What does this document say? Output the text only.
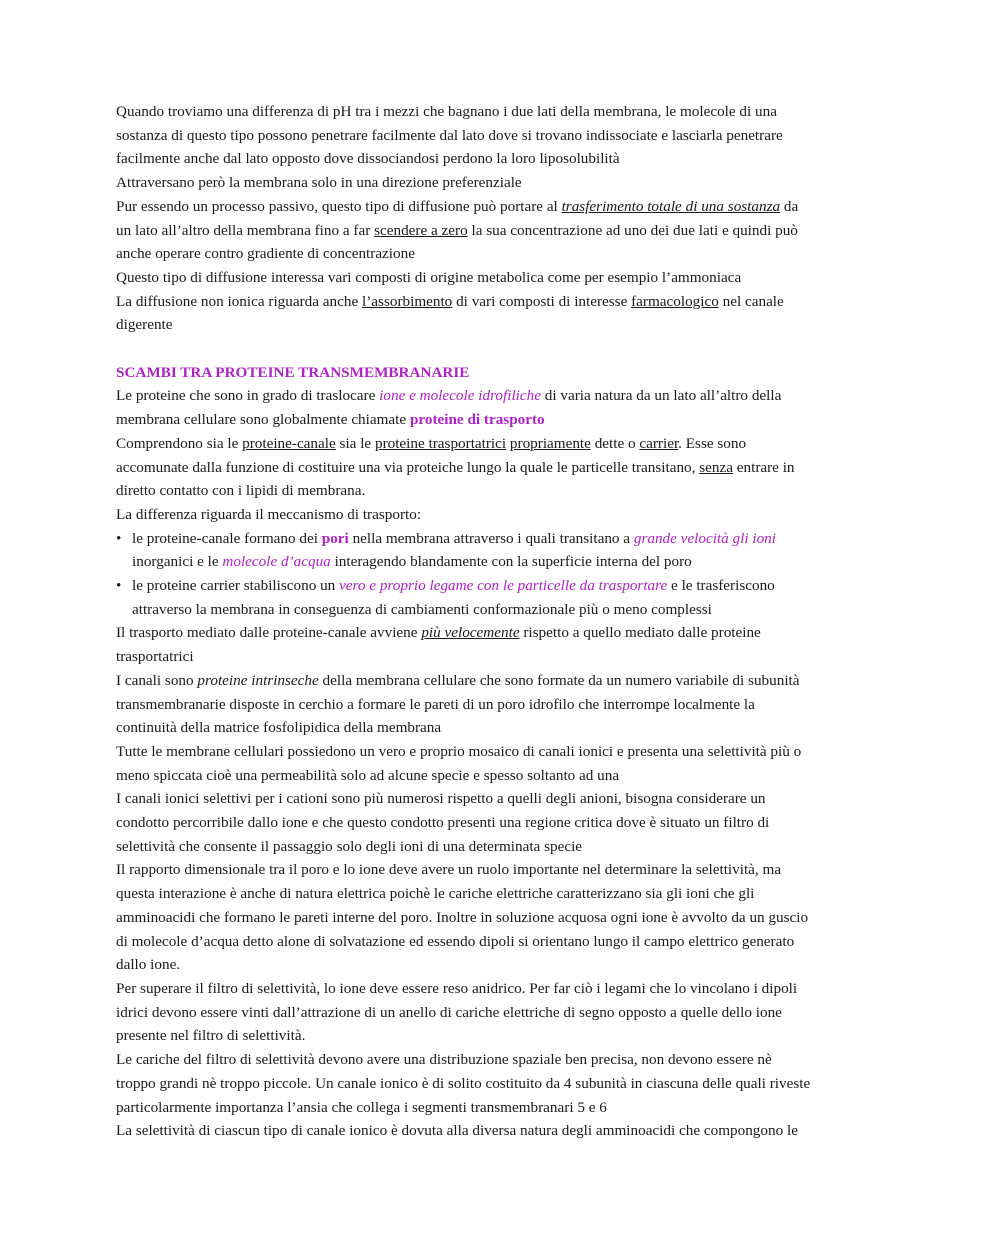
Quando troviamo una differenza di pH tra i mezzi che bagnano i due lati della membrana, le molecole di una

sostanza di questo tipo possono penetrare facilmente dal lato dove si trovano indissociate e lasciarla penetrare

facilmente anche dal lato opposto dove dissociandosi perdono la loro liposolubilità

Attraversano però la membrana solo in una direzione preferenziale

Pur essendo un processo passivo, questo tipo di diffusione può portare al trasferimento totale di una sostanza da

un lato all’altro della membrana fino a far scendere a zero la sua concentrazione ad uno dei due lati e quindi può

anche operare contro gradiente di concentrazione

Questo tipo di diffusione interessa vari composti di origine metabolica come per esempio l’ammoniaca

La diffusione non ionica riguarda anche l’assorbimento di vari composti di interesse farmacologico nel canale

digerente

SCAMBI TRA PROTEINE TRANSMEMBRANARIE

Le proteine che sono in grado di traslocare ione e molecole idrofiliche di varia natura da un lato all’altro della

membrana cellulare sono globalmente chiamate proteine di trasporto

Comprendono sia le proteine-canale sia le proteine trasportatrici propriamente dette o carrier. Esse sono

accomunate dalla funzione di costituire una via proteiche lungo la quale le particelle transitano, senza entrare in

diretto contatto con i lipidi di membrana.

La differenza riguarda il meccanismo di trasporto:

• le proteine-canale formano dei pori nella membrana attraverso i quali transitano a grande velocità gli ioni

inorganici e le molecole d’acqua interagendo blandamente con la superficie interna del poro

• le proteine carrier stabiliscono un vero e proprio legame con le particelle da trasportare e le trasferiscono

attraverso la membrana in conseguenza di cambiamenti conformazionale più o meno complessi

Il trasporto mediato dalle proteine-canale avviene più velocemente rispetto a quello mediato dalle proteine

trasportatrici

I canali sono proteine intrinseche della membrana cellulare che sono formate da un numero variabile di subunità

transmembranarie disposte in cerchio a formare le pareti di un poro idrofilo che interrompe localmente la

continuità della matrice fosfolipidica della membrana

Tutte le membrane cellulari possiedono un vero e proprio mosaico di canali ionici e presenta una selettività più o

meno spiccata cioè una permeabilità solo ad alcune specie e spesso soltanto ad una

I canali ionici selettivi per i cationi sono più numerosi rispetto a quelli degli anioni, bisogna considerare un

condotto percorribile dallo ione e che questo condotto presenti una regione critica dove è situato un filtro di

selettività che consente il passaggio solo degli ioni di una determinata specie

Il rapporto dimensionale tra il poro e lo ione deve avere un ruolo importante nel determinare la selettività, ma

questa interazione è anche di natura elettrica poichè le cariche elettriche caratterizzano sia gli ioni che gli

amminoacidi che formano le pareti interne del poro. Inoltre in soluzione acquosa ogni ione è avvolto da un guscio

di molecole d’acqua detto alone di solvatazione ed essendo dipoli si orientano lungo il campo elettrico generato

dallo ione.

Per superare il filtro di selettività, lo ione deve essere reso anidrico. Per far ciò i legami che lo vincolano i dipoli

idrici devono essere vinti dall’attrazione di un anello di cariche elettriche di segno opposto a quelle dello ione

presente nel filtro di selettività.

Le cariche del filtro di selettività devono avere una distribuzione spaziale ben precisa, non devono essere nè

troppo grandi nè troppo piccole. Un canale ionico è di solito costituito da 4 subunità in ciascuna delle quali riveste

particolarmente importanza l’ansia che collega i segmenti transmembranari 5 e 6

La selettività di ciascun tipo di canale ionico è dovuta alla diversa natura degli amminoacidi che compongono le
